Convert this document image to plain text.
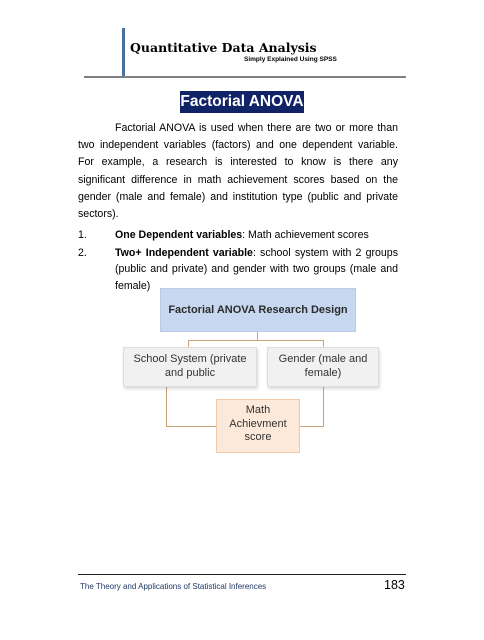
Quantitative Data Analysis
Simply Explained Using SPSS
Factorial ANOVA
Factorial ANOVA is used when there are two or more than two independent variables (factors) and one dependent variable. For example, a research is interested to know is there any significant difference in math achievement scores based on the gender (male and female) and institution type (public and private sectors).
1.	One Dependent variables: Math achievement scores
2.	Two+ Independent variable: school system with 2 groups (public and private) and gender with two groups (male and female)
Factorial ANOVA Research Design
School System (private and public
Gender (male and female)
Math Achievment score
The Theory and Applications of Statistical Inferences	183
